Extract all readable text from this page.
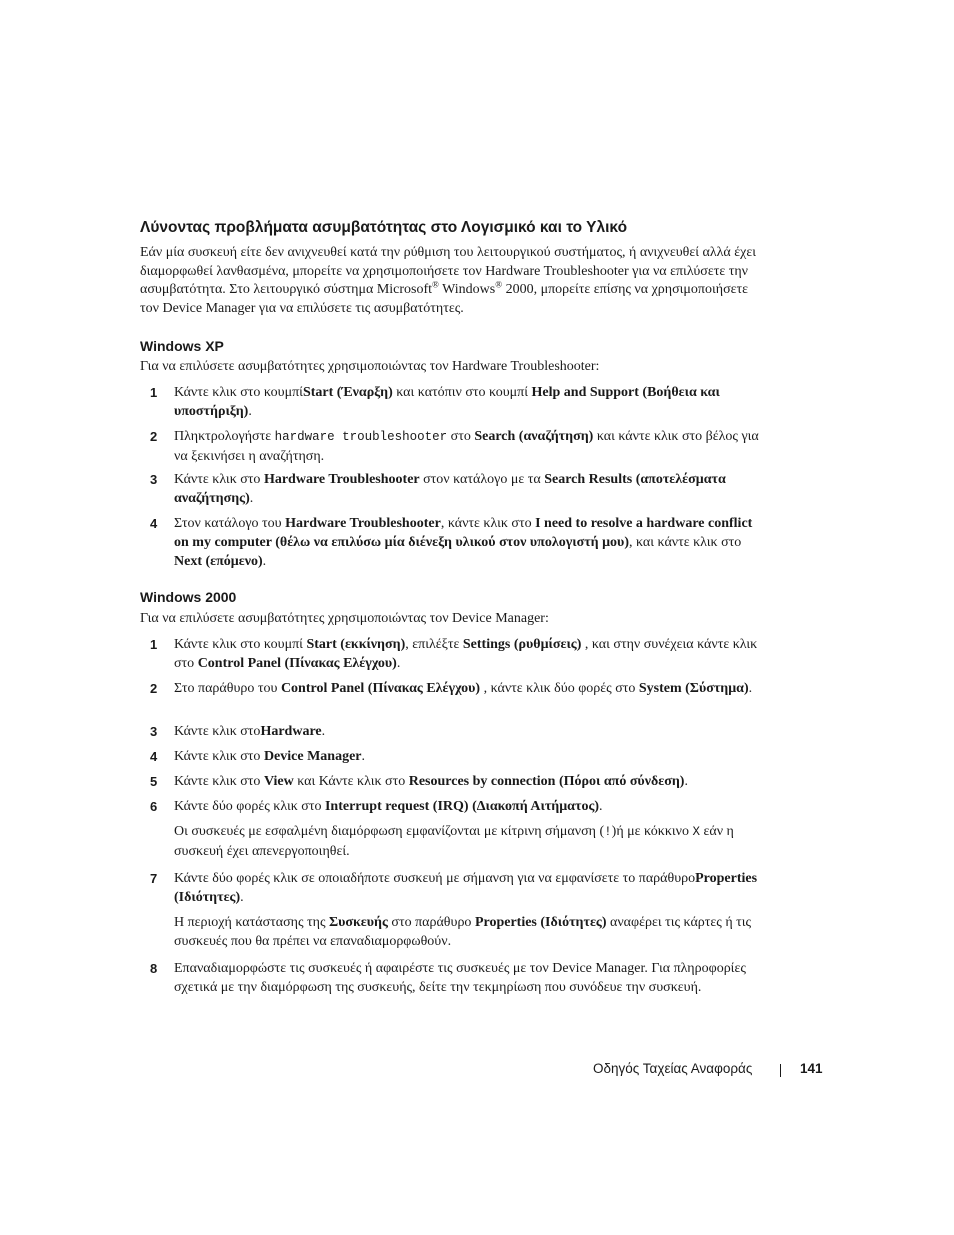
Λύνοντας προβλήματα ασυμβατότητας στο Λογισμικό και το Υλικό
Εάν μία συσκευή είτε δεν ανιχνευθεί κατά την ρύθμιση του λειτουργικού συστήματος, ή ανιχνευθεί αλλά έχει διαμορφωθεί λανθασμένα, μπορείτε να χρησιμοποιήσετε τον Hardware Troubleshooter για να επιλύσετε την ασυμβατότητα. Στο λειτουργικό σύστημα Microsoft® Windows® 2000, μπορείτε επίσης να χρησιμοποιήσετε τον Device Manager για να επιλύσετε τις ασυμβατότητες.
Windows XP
Για να επιλύσετε ασυμβατότητες χρησιμοποιώντας τον Hardware Troubleshooter:
1 Κάντε κλικ στο κουμπίStart (Έναρξη) και κατόπιν στο κουμπί Help and Support (Βοήθεια και υποστήριξη).
2 Πληκτρολογήστε hardware troubleshooter στο Search (αναζήτηση) και κάντε κλικ στο βέλος για να ξεκινήσει η αναζήτηση.
3 Κάντε κλικ στο Hardware Troubleshooter στον κατάλογο με τα Search Results (αποτελέσματα αναζήτησης).
4 Στον κατάλογο του Hardware Troubleshooter, κάντε κλικ στο I need to resolve a hardware conflict on my computer (θέλω να επιλύσω μία διένεξη υλικού στον υπολογιστή μου), και κάντε κλικ στο Next (επόμενο).
Windows 2000
Για να επιλύσετε ασυμβατότητες χρησιμοποιώντας τον Device Manager:
1 Κάντε κλικ στο κουμπί Start (εκκίνηση), επιλέξτε Settings (ρυθμίσεις) , και στην συνέχεια κάντε κλικ στο Control Panel (Πίνακας Ελέγχου).
2 Στο παράθυρο του Control Panel (Πίνακας Ελέγχου) , κάντε κλικ δύο φορές στο System (Σύστημα).
3 Κάντε κλικ στοHardware.
4 Κάντε κλικ στο Device Manager.
5 Κάντε κλικ στο View και Κάντε κλικ στο Resources by connection (Πόροι από σύνδεση).
6 Κάντε δύο φορές κλικ στο Interrupt request (IRQ) (Διακοπή Αιτήματος).
Οι συσκευές με εσφαλμένη διαμόρφωση εμφανίζονται με κίτρινη σήμανση (!)ή με κόκκινο X εάν η συσκευή έχει απενεργοποιηθεί.
7 Κάντε δύο φορές κλικ σε οποιαδήποτε συσκευή με σήμανση για να εμφανίσετε το παράθυροProperties (Ιδιότητες).
Η περιοχή κατάστασης της Συσκευής στο παράθυρο Properties (Ιδιότητες) αναφέρει τις κάρτες ή τις συσκευές που θα πρέπει να επαναδιαμορφωθούν.
8 Επαναδιαμορφώστε τις συσκευές ή αφαιρέστε τις συσκευές με τον Device Manager. Για πληροφορίες σχετικά με την διαμόρφωση της συσκευής, δείτε την τεκμηρίωση που συνόδευε την συσκευή.
Οδηγός Ταχείας Αναφοράς	141
